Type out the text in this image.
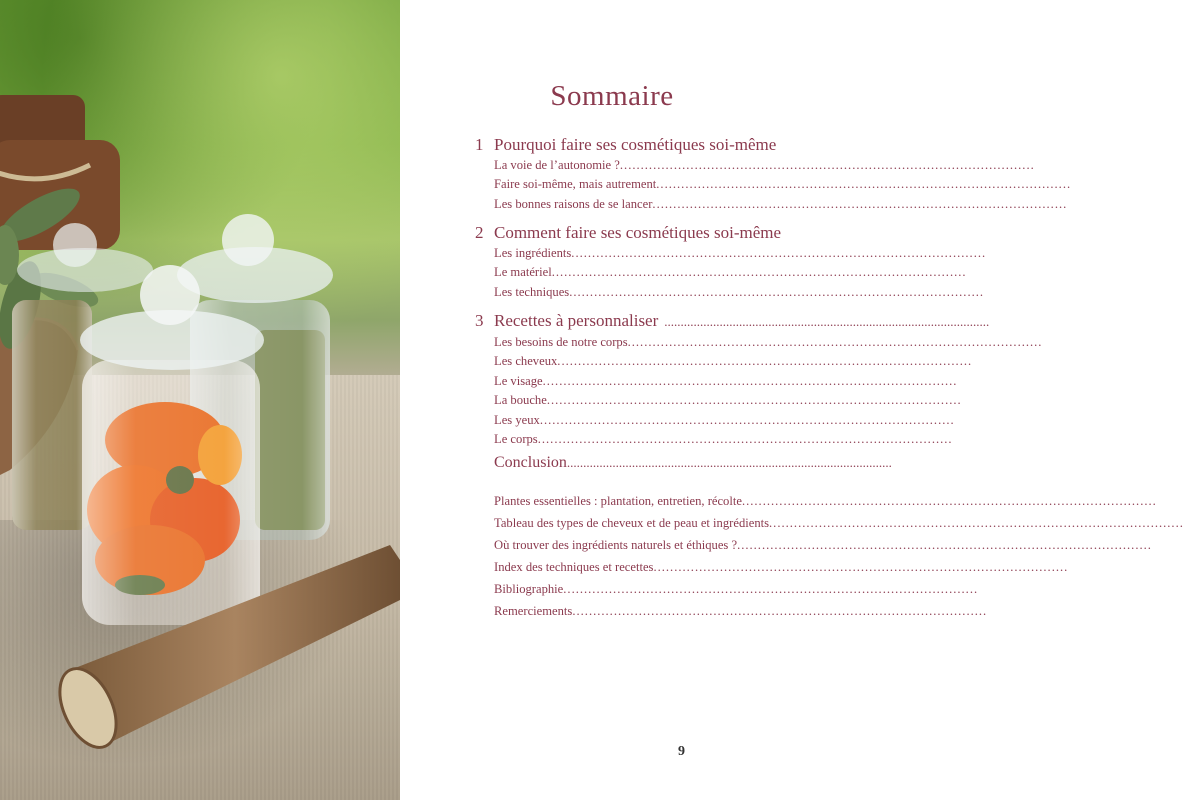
Sommaire
1 Pourquoi faire ses cosmétiques soi-même
La voie de l’autonomie ?....................................................................................................
Faire soi-même, mais autrement....................................................................................................
Les bonnes raisons de se lancer....................................................................................................
2 Comment faire ses cosmétiques soi-même
Les ingrédients....................................................................................................
Le matériel....................................................................................................
Les techniques....................................................................................................
3 Recettes à personnaliser ....................................................................................................
Les besoins de notre corps....................................................................................................
Les cheveux....................................................................................................
Le visage....................................................................................................
La bouche....................................................................................................
Les yeux....................................................................................................
Le corps....................................................................................................
Conclusion....................................................................................................
Plantes essentielles : plantation, entretien, récolte....................................................................................................
Tableau des types de cheveux et de peau et ingrédients....................................................................................................
Où trouver des ingrédients naturels et éthiques ?....................................................................................................
Index des techniques et recettes....................................................................................................
Bibliographie....................................................................................................
Remerciements....................................................................................................
9
